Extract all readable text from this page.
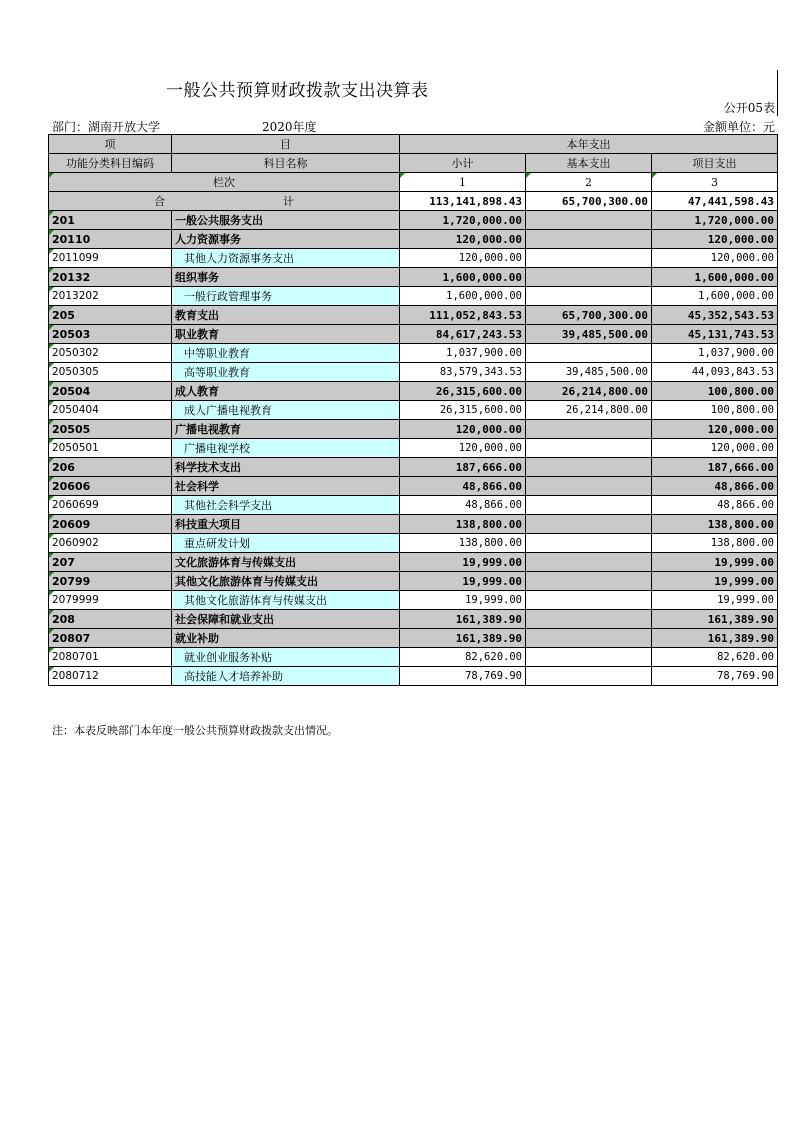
一般公共预算财政拨款支出决算表
公开05表
部门：湖南开放大学	2020年度	金额单位：元
项	目	本年支出		
功能分类科目编码	科目名称	小计	基本支出	项目支出
栏次		1	2	3
合 计		113,141,898.43	65,700,300.00	47,441,598.43
201	一般公共服务支出	1,720,000.00		1,720,000.00
20110	人力资源事务	120,000.00		120,000.00
2011099	其他人力资源事务支出	120,000.00		120,000.00
20132	组织事务	1,600,000.00		1,600,000.00
2013202	一般行政管理事务	1,600,000.00		1,600,000.00
205	教育支出	111,052,843.53	65,700,300.00	45,352,543.53
20503	职业教育	84,617,243.53	39,485,500.00	45,131,743.53
2050302	中等职业教育	1,037,900.00		1,037,900.00
2050305	高等职业教育	83,579,343.53	39,485,500.00	44,093,843.53
20504	成人教育	26,315,600.00	26,214,800.00	100,800.00
2050404	成人广播电视教育	26,315,600.00	26,214,800.00	100,800.00
20505	广播电视教育	120,000.00		120,000.00
2050501	广播电视学校	120,000.00		120,000.00
206	科学技术支出	187,666.00		187,666.00
20606	社会科学	48,866.00		48,866.00
2060699	其他社会科学支出	48,866.00		48,866.00
20609	科技重大项目	138,800.00		138,800.00
2060902	重点研发计划	138,800.00		138,800.00
207	文化旅游体育与传媒支出	19,999.00		19,999.00
20799	其他文化旅游体育与传媒支出	19,999.00		19,999.00
2079999	其他文化旅游体育与传媒支出	19,999.00		19,999.00
208	社会保障和就业支出	161,389.90		161,389.90
20807	就业补助	161,389.90		161,389.90
2080701	就业创业服务补贴	82,620.00		82,620.00
2080712	高技能人才培养补助	78,769.90		78,769.90
注：本表反映部门本年度一般公共预算财政拨款支出情况。
